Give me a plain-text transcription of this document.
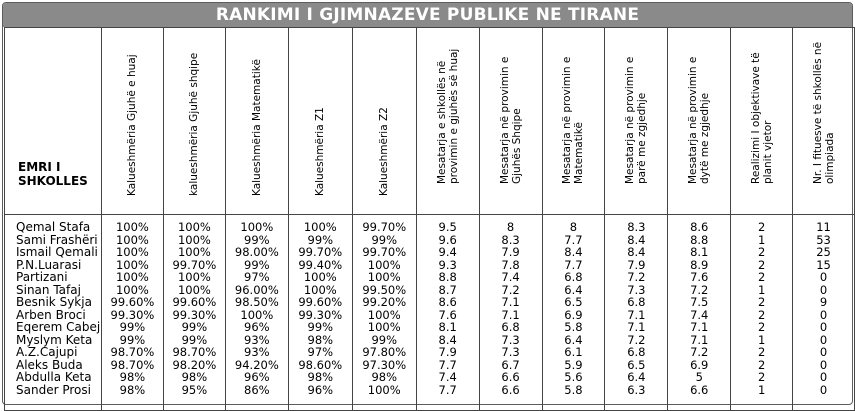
RANKIMI I GJIMNAZEVE PUBLIKE NE TIRANE
EMRI I SHKOLLES	Kalueshmëria Gjuhë e huaj	kalueshmëria Gjuhë shqipe	Kalueshmëria Matematikë	Kalueshmëria Z1	Kalueshmëria Z2	Mesatarja e shkollës në provimin e gjuhës së huaj	Mesatarja në provimin e Gjuhës Shqipe	Mesatarja në provimin e Matematikë	Mesatarja në provimin e parë me zgjedhje	Mesatarja në provimin e dytë me zgjedhje	Realizimi I objektivave të planit vjetor	Nr. I fituesve të shkollës në olimpiada

Qemal Stafa	100%	100%	100%	100%	99.70%	9.5	8	8	8.3	8.6	2	11
Sami Frashëri	100%	100%	99%	99%	99%	9.6	8.3	7.7	8.4	8.8	1	53
Ismail Qemali	100%	100%	98.00%	99.70%	99.70%	9.4	7.9	8.4	8.4	8.1	2	25
P.N.Luarasi	100%	99.70%	99%	99.40%	100%	9.3	7.8	7.7	7.9	8.9	2	15
Partizani	100%	100%	97%	100%	100%	8.8	7.4	6.8	7.2	7.6	2	0
Sinan Tafaj	100%	100%	96.00%	100%	99.50%	8.7	7.2	6.4	7.3	7.2	1	0
Besnik Sykja	99.60%	99.60%	98.50%	99.60%	99.20%	8.6	7.1	6.5	6.8	7.5	2	9
Arben Broci	99.30%	99.30%	100%	99.30%	100%	7.6	7.1	6.9	7.1	7.4	2	0
Eqerem Cabej	99%	99%	96%	99%	100%	8.1	6.8	5.8	7.1	7.1	2	0
Myslym Keta	99%	99%	93%	98%	99%	8.4	7.3	6.4	7.2	7.1	1	0
A.Z.Cajupi	98.70%	98.70%	93%	97%	97.80%	7.9	7.3	6.1	6.8	7.2	2	0
Aleks Buda	98.70%	98.20%	94.20%	98.60%	97.30%	7.7	6.7	5.9	6.5	6.9	2	0
Abdulla Keta	98%	98%	96%	98%	98%	7.4	6.6	5.6	6.4	5	2	0
Sander Prosi	98%	95%	86%	96%	100%	7.7	6.6	5.8	6.3	6.6	1	0
